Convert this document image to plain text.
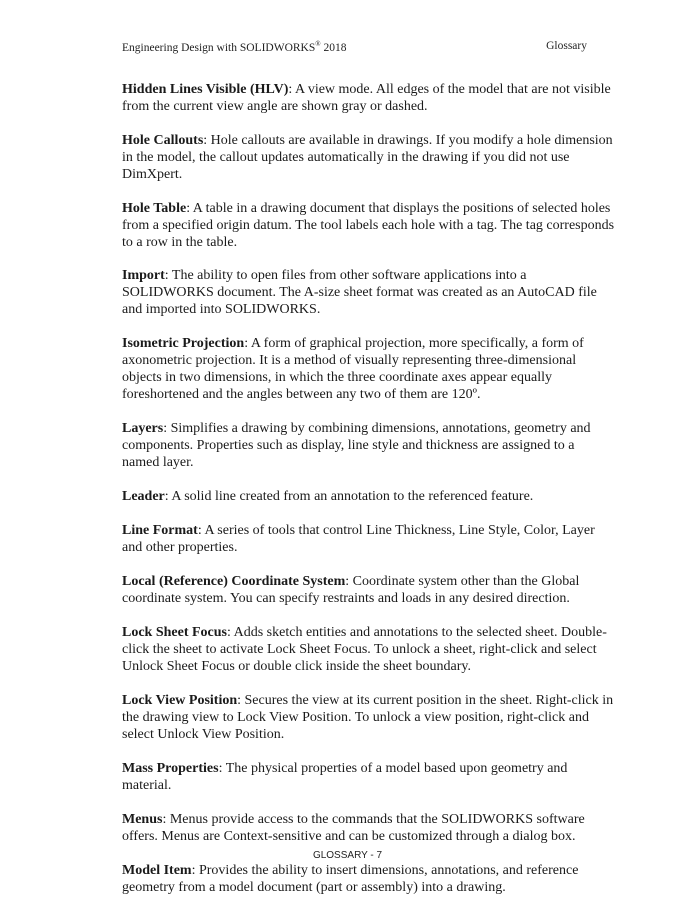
Engineering Design with SOLIDWORKS® 2018	Glossary

Hidden Lines Visible (HLV): A view mode. All edges of the model that are not visible from the current view angle are shown gray or dashed.

Hole Callouts: Hole callouts are available in drawings. If you modify a hole dimension in the model, the callout updates automatically in the drawing if you did not use DimXpert.

Hole Table: A table in a drawing document that displays the positions of selected holes from a specified origin datum. The tool labels each hole with a tag. The tag corresponds to a row in the table.

Import: The ability to open files from other software applications into a SOLIDWORKS document. The A-size sheet format was created as an AutoCAD file and imported into SOLIDWORKS.

Isometric Projection: A form of graphical projection, more specifically, a form of axonometric projection. It is a method of visually representing three-dimensional objects in two dimensions, in which the three coordinate axes appear equally foreshortened and the angles between any two of them are 120º.

Layers: Simplifies a drawing by combining dimensions, annotations, geometry and components. Properties such as display, line style and thickness are assigned to a named layer.

Leader: A solid line created from an annotation to the referenced feature.

Line Format: A series of tools that control Line Thickness, Line Style, Color, Layer and other properties.

Local (Reference) Coordinate System: Coordinate system other than the Global coordinate system. You can specify restraints and loads in any desired direction.

Lock Sheet Focus: Adds sketch entities and annotations to the selected sheet. Double-click the sheet to activate Lock Sheet Focus. To unlock a sheet, right-click and select Unlock Sheet Focus or double click inside the sheet boundary.

Lock View Position: Secures the view at its current position in the sheet. Right-click in the drawing view to Lock View Position. To unlock a view position, right-click and select Unlock View Position.

Mass Properties: The physical properties of a model based upon geometry and material.

Menus: Menus provide access to the commands that the SOLIDWORKS software offers. Menus are Context-sensitive and can be customized through a dialog box.

Model Item: Provides the ability to insert dimensions, annotations, and reference geometry from a model document (part or assembly) into a drawing.

GLOSSARY - 7
